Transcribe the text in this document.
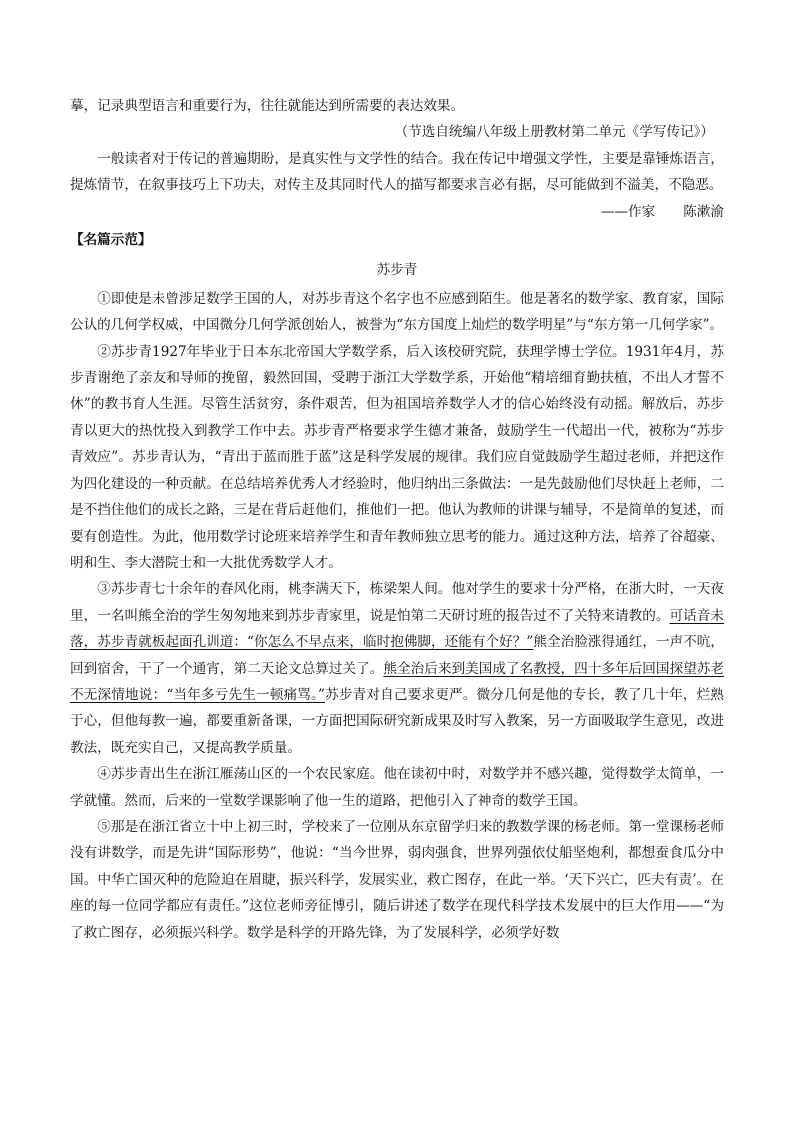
摹，记录典型语言和重要行为，往往就能达到所需要的表达效果。

（节选自统编八年级上册教材第二单元《学写传记》）

一般读者对于传记的普遍期盼，是真实性与文学性的结合。我在传记中增强文学性，主要是靠锤炼语言，提炼情节，在叙事技巧上下功夫，对传主及其同时代人的描写都要求言必有据，尽可能做到不溢美，不隐恶。

——作家 陈漱渝

【名篇示范】

苏步青

①即使是未曾涉足数学王国的人，对苏步青这个名字也不应感到陌生。他是著名的数学家、教育家，国际公认的几何学权威，中国微分几何学派创始人，被誉为“东方国度上灿烂的数学明星”与“东方第一几何学家”。

②苏步青1927年毕业于日本东北帝国大学数学系，后入该校研究院，获理学博士学位。1931年4月，苏步青谢绝了亲友和导师的挽留，毅然回国，受聘于浙江大学数学系，开始他“精培细育勤扶植，不出人才誓不休”的教书育人生涯。尽管生活贫穷，条件艰苦，但为祖国培养数学人才的信心始终没有动摇。解放后，苏步青以更大的热忱投入到教学工作中去。苏步青严格要求学生德才兼备，鼓励学生一代超出一代，被称为“苏步青效应”。苏步青认为，“青出于蓝而胜于蓝”这是科学发展的规律。我们应自觉鼓励学生超过老师，并把这作为四化建设的一种贡献。在总结培养优秀人才经验时，他归纳出三条做法：一是先鼓励他们尽快赶上老师，二是不挡住他们的成长之路，三是在背后赶他们，推他们一把。他认为教师的讲课与辅导，不是简单的复述，而要有创造性。为此，他用数学讨论班来培养学生和青年教师独立思考的能力。通过这种方法，培养了谷超豪、明和生、李大潜院士和一大批优秀数学人才。

③苏步青七十余年的春风化雨，桃李满天下，栋梁架人间。他对学生的要求十分严格，在浙大时，一天夜里，一名叫熊全治的学生匆匆地来到苏步青家里，说是怕第二天研讨班的报告过不了关特来请教的。可话音未落，苏步青就板起面孔训道：“你怎么不早点来，临时抱佛脚，还能有个好？”熊全治脸涨得通红，一声不吭，回到宿舍，干了一个通宵，第二天论文总算过关了。熊全治后来到美国成了名教授，四十多年后回国探望苏老不无深情地说：“当年多亏先生一顿痛骂。”苏步青对自己要求更严。微分几何是他的专长，教了几十年，烂熟于心，但他每教一遍，都要重新备课，一方面把国际研究新成果及时写入教案，另一方面吸取学生意见，改进教法，既充实自己，又提高教学质量。

④苏步青出生在浙江雁荡山区的一个农民家庭。他在读初中时，对数学并不感兴趣，觉得数学太简单，一学就懂。然而，后来的一堂数学课影响了他一生的道路，把他引入了神奇的数学王国。

⑤那是在浙江省立十中上初三时，学校来了一位刚从东京留学归来的教数学课的杨老师。第一堂课杨老师没有讲数学，而是先讲“国际形势”，他说：“当今世界，弱肉强食，世界列强依仗船坚炮利，都想蚕食瓜分中国。中华亡国灭种的危险迫在眉睫，振兴科学，发展实业，救亡图存，在此一举。‘天下兴亡，匹夫有责’。在座的每一位同学都应有责任。”这位老师旁征博引，随后讲述了数学在现代科学技术发展中的巨大作用——“为了救亡图存，必须振兴科学。数学是科学的开路先锋，为了发展科学，必须学好数
